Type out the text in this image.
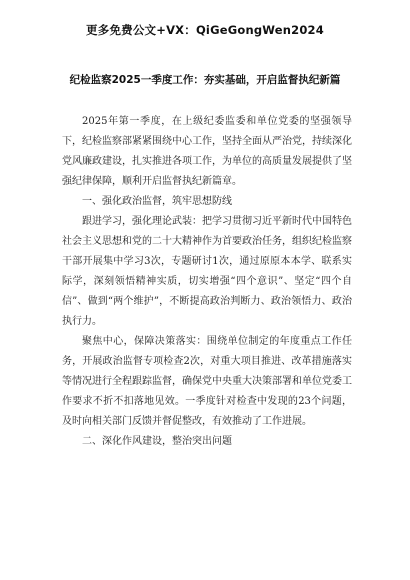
更多免费公文+VX：QiGeGongWen2024
纪检监察2025一季度工作：夯实基础，开启监督执纪新篇

2025年第一季度，在上级纪委监委和单位党委的坚强领导下，纪检监察部紧紧围绕中心工作，坚持全面从严治党，持续深化党风廉政建设，扎实推进各项工作，为单位的高质量发展提供了坚强纪律保障，顺利开启监督执纪新篇章。

一、强化政治监督，筑牢思想防线

跟进学习，强化理论武装：把学习贯彻习近平新时代中国特色社会主义思想和党的二十大精神作为首要政治任务，组织纪检监察干部开展集中学习3次，专题研讨1次，通过原原本本学、联系实际学，深刻领悟精神实质，切实增强“四个意识”、坚定“四个自信”、做到“两个维护”，不断提高政治判断力、政治领悟力、政治执行力。

聚焦中心，保障决策落实：围绕单位制定的年度重点工作任务，开展政治监督专项检查2次，对重大项目推进、改革措施落实等情况进行全程跟踪监督，确保党中央重大决策部署和单位党委工作要求不折不扣落地见效。一季度针对检查中发现的23个问题，及时向相关部门反馈并督促整改，有效推动了工作进展。

二、深化作风建设，整治突出问题
